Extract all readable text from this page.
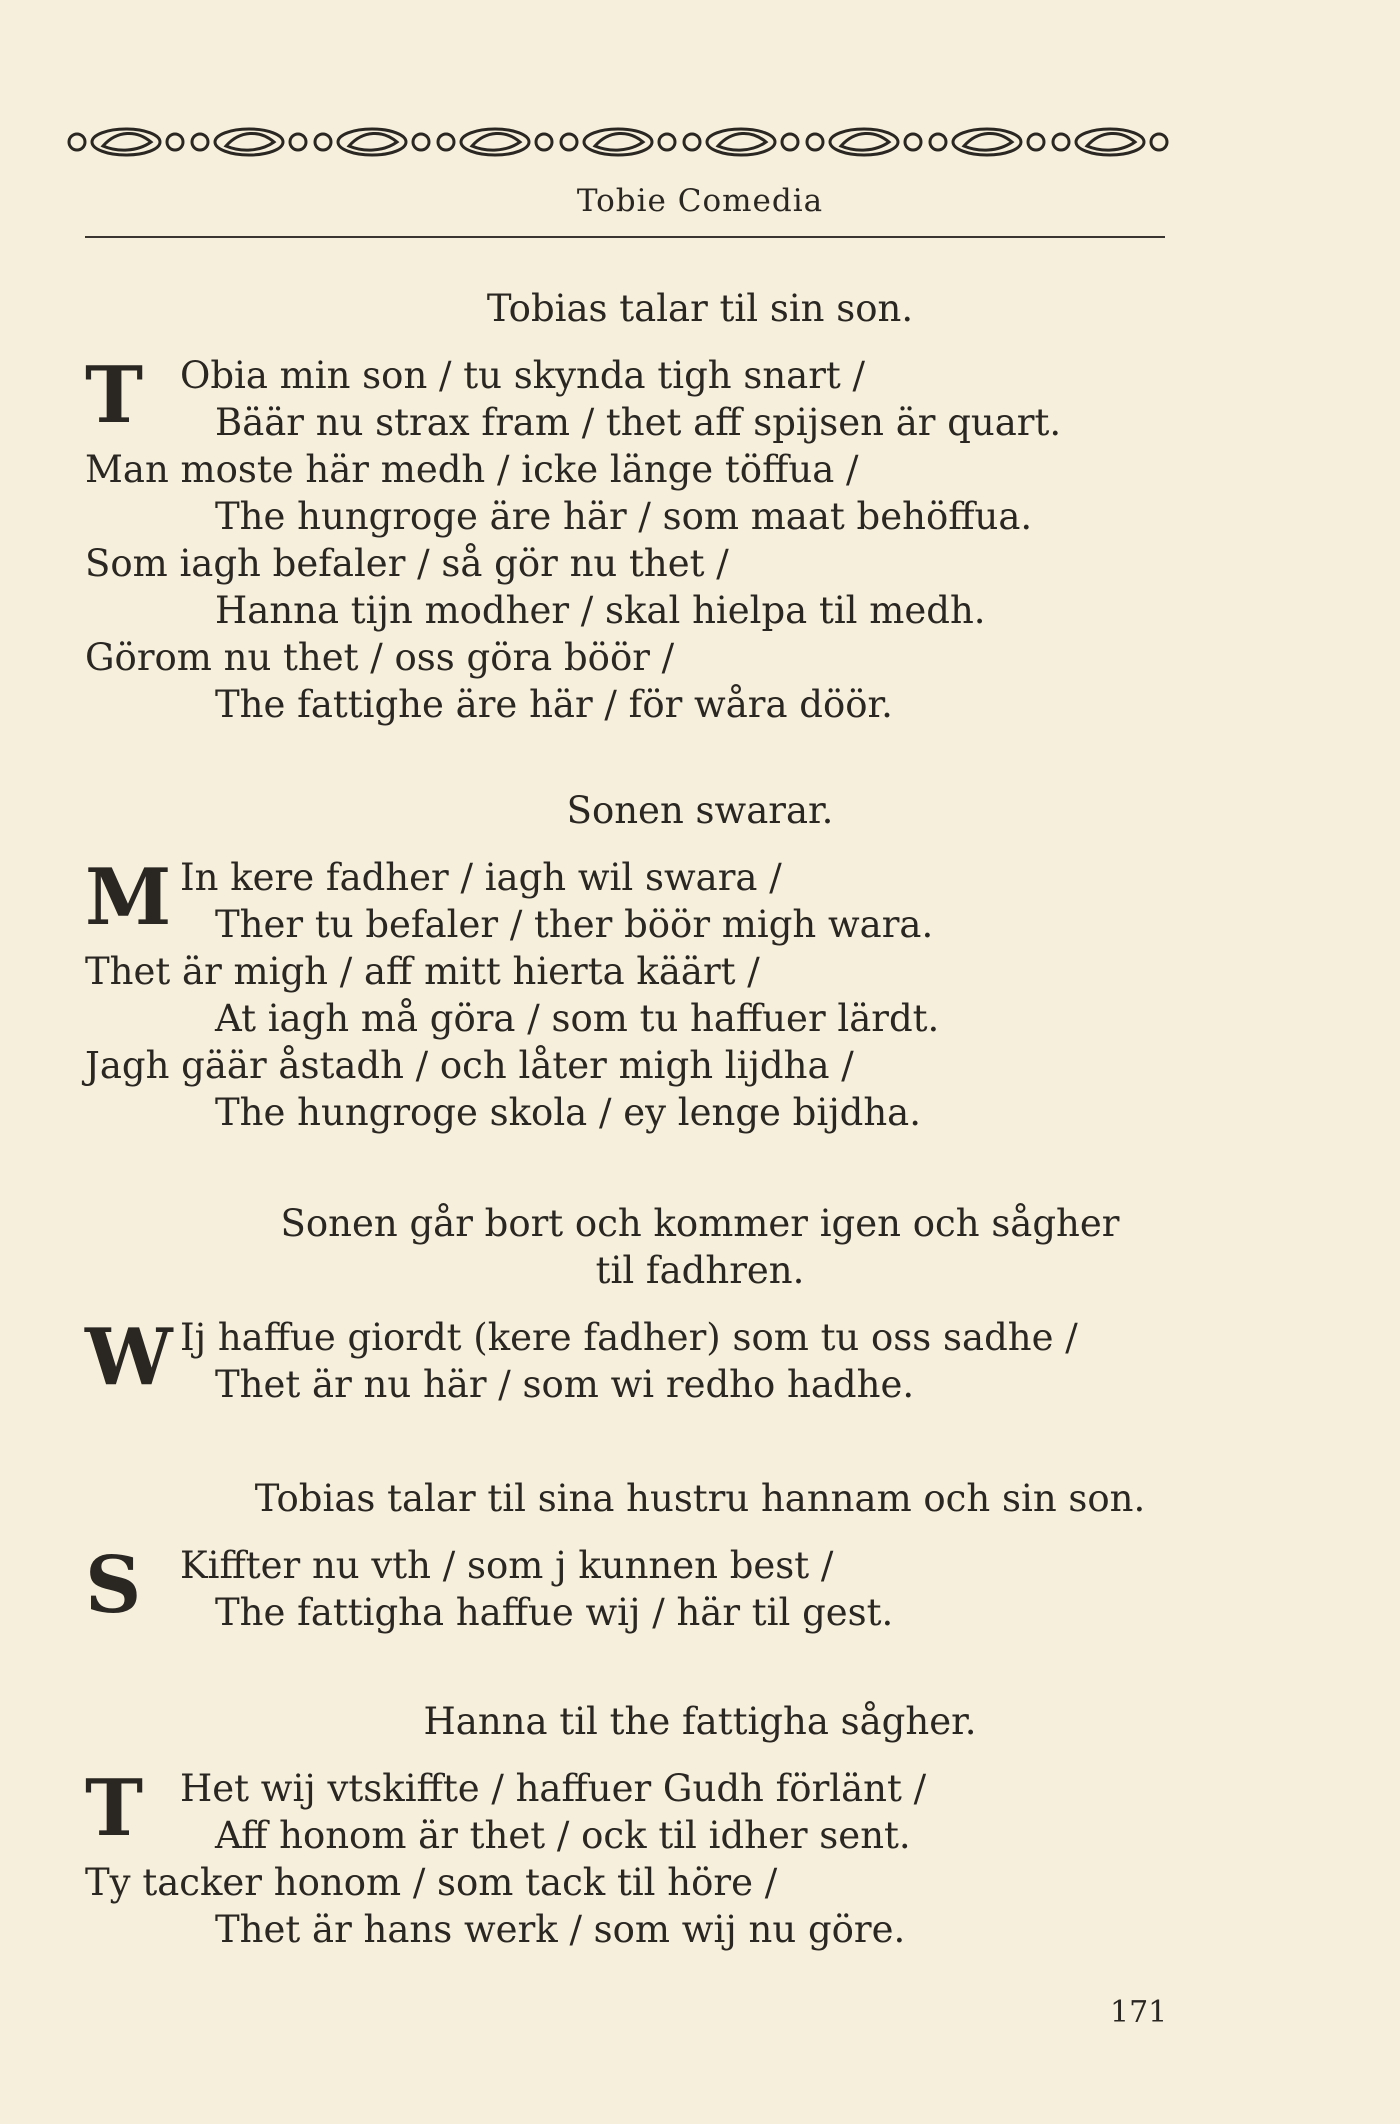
Tobie Comedia
Tobias talar til sin son.
T Obia min son / tu skynda tigh snart /
Bäär nu strax fram / thet aff spijsen är quart.
Man moste här medh / icke länge töffua /
The hungroge äre här / som maat behöffua.
Som iagh befaler / så gör nu thet /
Hanna tijn modher / skal hielpa til medh.
Görom nu thet / oss göra böör /
The fattighe äre här / för wåra döör.
Sonen swarar.
M In kere fadher / iagh wil swara /
Ther tu befaler / ther böör migh wara.
Thet är migh / aff mitt hierta käärt /
At iagh må göra / som tu haffuer lärdt.
Jagh gäär åstadh / och låter migh lijdha /
The hungroge skola / ey lenge bijdha.
Sonen går bort och kommer igen och sågher
til fadhren.
W Ij haffue giordt (kere fadher) som tu oss sadhe /
Thet är nu här / som wi redho hadhe.
Tobias talar til sina hustru hannam och sin son.
S	Kiffter nu vth / som j kunnen best /
The fattigha haffue wij / här til gest.
Hanna til the fattigha sågher.
T Het wij vtskiffte / haffuer Gudh förlänt /
Aff honom är thet / ock til idher sent.
Ty tacker honom / som tack til höre /
Thet är hans werk / som wij nu göre.
171
